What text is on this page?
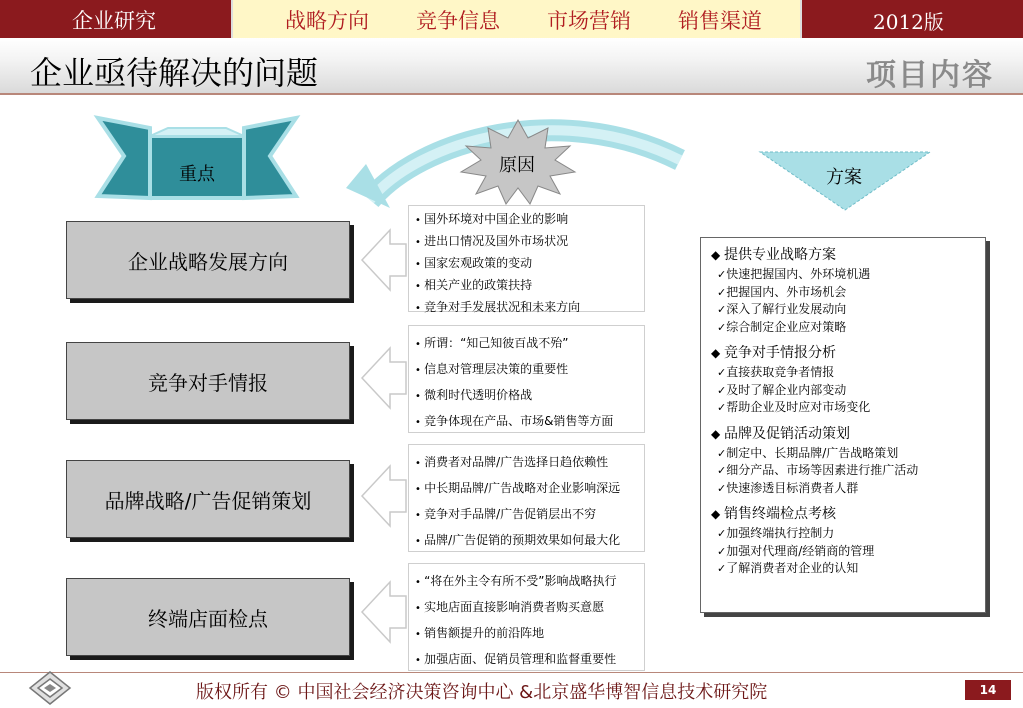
企业研究	战略方向 竞争信息 市场营销 销售渠道	2012版
企业亟待解决的问题	项目内容
重点	原因
方案
企业战略发展方向
竞争对手情报
品牌战略/广告促销策划
终端店面检点
• 国外环境对中国企业的影响
• 进出口情况及国外市场状况
• 国家宏观政策的变动
• 相关产业的政策扶持
• 竞争对手发展状况和未来方向
• 所谓：“知己知彼百战不殆”
• 信息对管理层决策的重要性
• 微利时代透明价格战
• 竞争体现在产品、市场&销售等方面
• 消费者对品牌/广告选择日趋依赖性
• 中长期品牌/广告战略对企业影响深远
• 竞争对手品牌/广告促销层出不穷
• 品牌/广告促销的预期效果如何最大化
• “将在外主令有所不受”影响战略执行
• 实地店面直接影响消费者购买意愿
• 销售额提升的前沿阵地
• 加强店面、促销员管理和监督重要性
◆ 提供专业战略方案
✓ 快速把握国内、外环境机遇
✓ 把握国内、外市场机会
✓ 深入了解行业发展动向
✓ 综合制定企业应对策略
◆ 竞争对手情报分析
✓ 直接获取竞争者情报
✓ 及时了解企业内部变动
✓ 帮助企业及时应对市场变化
◆ 品牌及促销活动策划
✓ 制定中、长期品牌/广告战略策划
✓ 细分产品、市场等因素进行推广活动
✓ 快速渗透目标消费者人群
◆ 销售终端检点考核
✓ 加强终端执行控制力
✓ 加强对代理商/经销商的管理
✓ 了解消费者对企业的认知
版权所有 © 中国社会经济决策咨询中心 &北京盛华博智信息技术研究院	14
